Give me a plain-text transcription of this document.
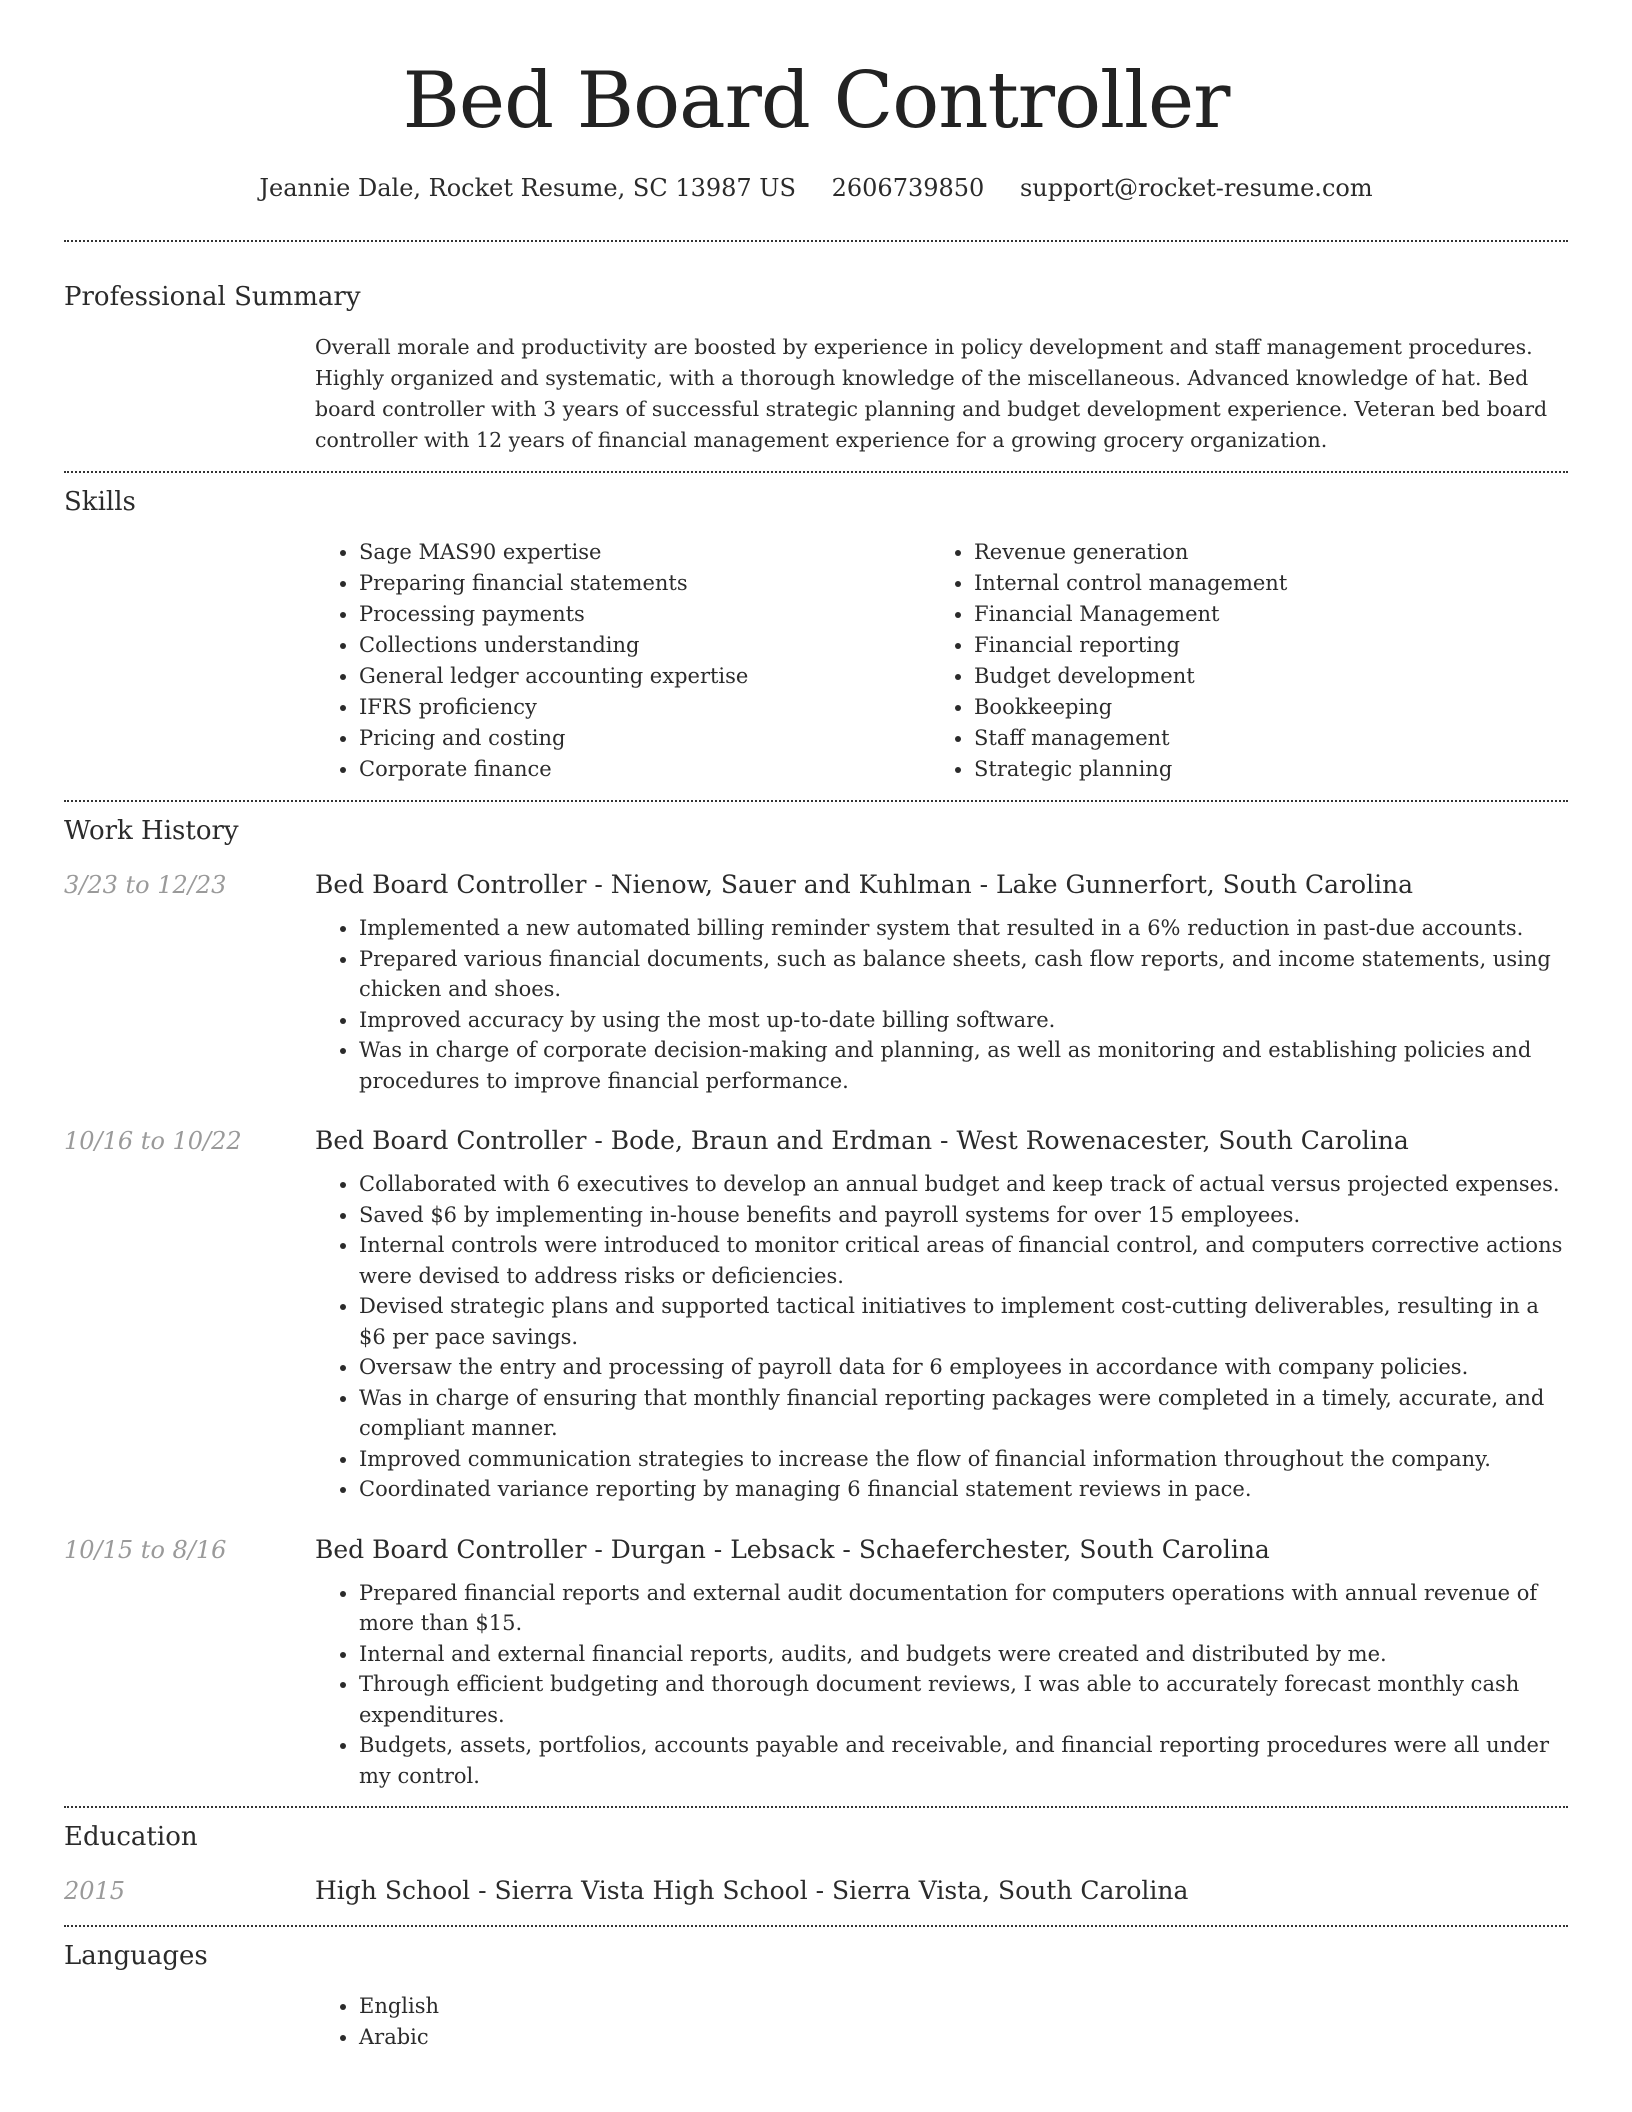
Bed Board Controller
Jeannie Dale, Rocket Resume, SC 13987 US 2606739850 support@rocket-resume.com
Professional Summary
Overall morale and productivity are boosted by experience in policy development and staff management procedures. Highly organized and systematic, with a thorough knowledge of the miscellaneous. Advanced knowledge of hat. Bed board controller with 3 years of successful strategic planning and budget development experience. Veteran bed board controller with 12 years of financial management experience for a growing grocery organization.
Skills
• Sage MAS90 expertise
• Preparing financial statements
• Processing payments
• Collections understanding
• General ledger accounting expertise
• IFRS proficiency
• Pricing and costing
• Corporate finance
• Revenue generation
• Internal control management
• Financial Management
• Financial reporting
• Budget development
• Bookkeeping
• Staff management
• Strategic planning
Work History
3/23 to 12/23	Bed Board Controller - Nienow, Sauer and Kuhlman - Lake Gunnerfort, South Carolina
• Implemented a new automated billing reminder system that resulted in a 6% reduction in past-due accounts.
• Prepared various financial documents, such as balance sheets, cash flow reports, and income statements, using chicken and shoes.
• Improved accuracy by using the most up-to-date billing software.
• Was in charge of corporate decision-making and planning, as well as monitoring and establishing policies and procedures to improve financial performance.
10/16 to 10/22	Bed Board Controller - Bode, Braun and Erdman - West Rowenacester, South Carolina
• Collaborated with 6 executives to develop an annual budget and keep track of actual versus projected expenses.
• Saved $6 by implementing in-house benefits and payroll systems for over 15 employees.
• Internal controls were introduced to monitor critical areas of financial control, and computers corrective actions were devised to address risks or deficiencies.
• Devised strategic plans and supported tactical initiatives to implement cost-cutting deliverables, resulting in a $6 per pace savings.
• Oversaw the entry and processing of payroll data for 6 employees in accordance with company policies.
• Was in charge of ensuring that monthly financial reporting packages were completed in a timely, accurate, and compliant manner.
• Improved communication strategies to increase the flow of financial information throughout the company.
• Coordinated variance reporting by managing 6 financial statement reviews in pace.
10/15 to 8/16	Bed Board Controller - Durgan - Lebsack - Schaeferchester, South Carolina
• Prepared financial reports and external audit documentation for computers operations with annual revenue of more than $15.
• Internal and external financial reports, audits, and budgets were created and distributed by me.
• Through efficient budgeting and thorough document reviews, I was able to accurately forecast monthly cash expenditures.
• Budgets, assets, portfolios, accounts payable and receivable, and financial reporting procedures were all under my control.
Education
2015	High School - Sierra Vista High School - Sierra Vista, South Carolina
Languages
• English
• Arabic
